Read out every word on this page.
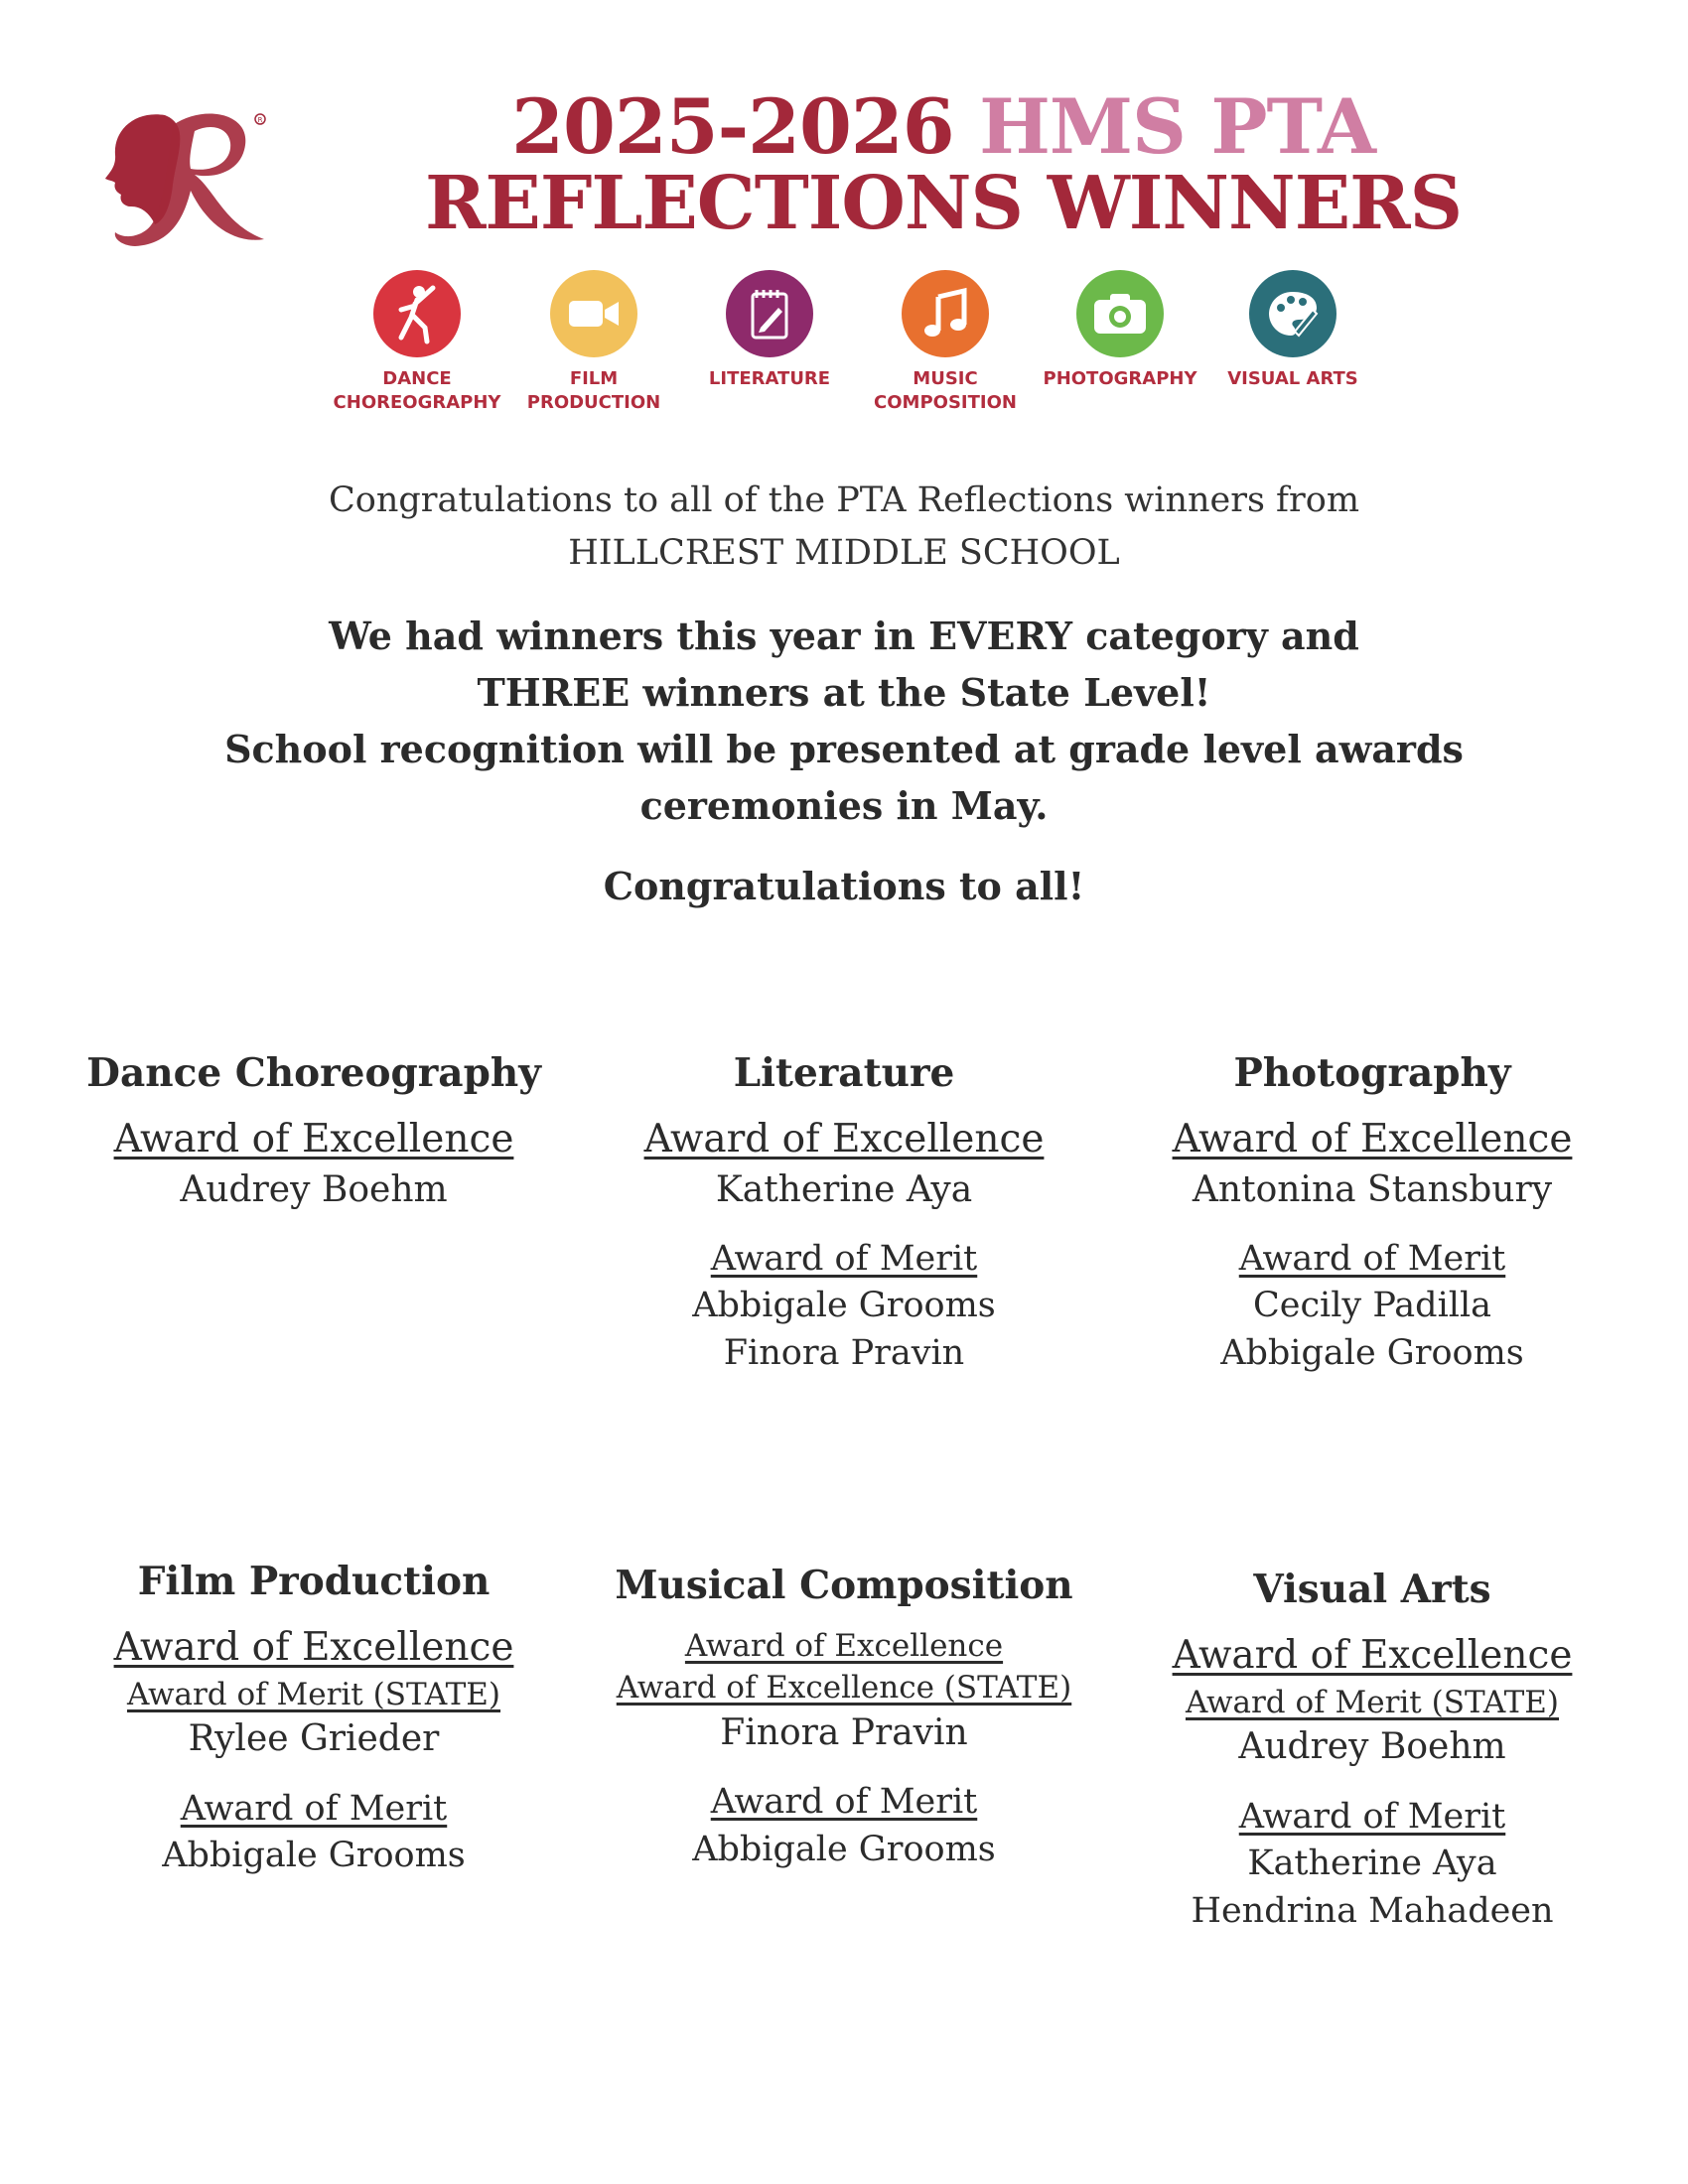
R	2025-2026 HMS PTA
REFLECTIONS WINNERS
DANCE
CHOREOGRAPHY
FILM
PRODUCTION
LITERATURE	MUSIC
COMPOSITION
PHOTOGRAPHY	VISUAL ARTS
Congratulations to all of the PTA Reflections winners from
HILLCREST MIDDLE SCHOOL
We had winners this year in EVERY category and
THREE winners at the State Level!
School recognition will be presented at grade level awards
ceremonies in May.
Congratulations to all!
Dance Choreography
Award of Excellence
Audrey Boehm
Literature
Award of Excellence
Katherine Aya
Award of Merit
Abbigale Grooms
Finora Pravin
Photography
Award of Excellence
Antonina Stansbury
Award of Merit
Cecily Padilla
Abbigale Grooms
Film Production
Award of Excellence
Award of Merit (STATE)
Rylee Grieder
Award of Merit
Abbigale Grooms
Musical Composition
Award of Excellence
Award of Excellence (STATE)
Finora Pravin
Award of Merit
Abbigale Grooms
Visual Arts
Award of Excellence
Award of Merit (STATE)
Audrey Boehm
Award of Merit
Katherine Aya
Hendrina Mahadeen
